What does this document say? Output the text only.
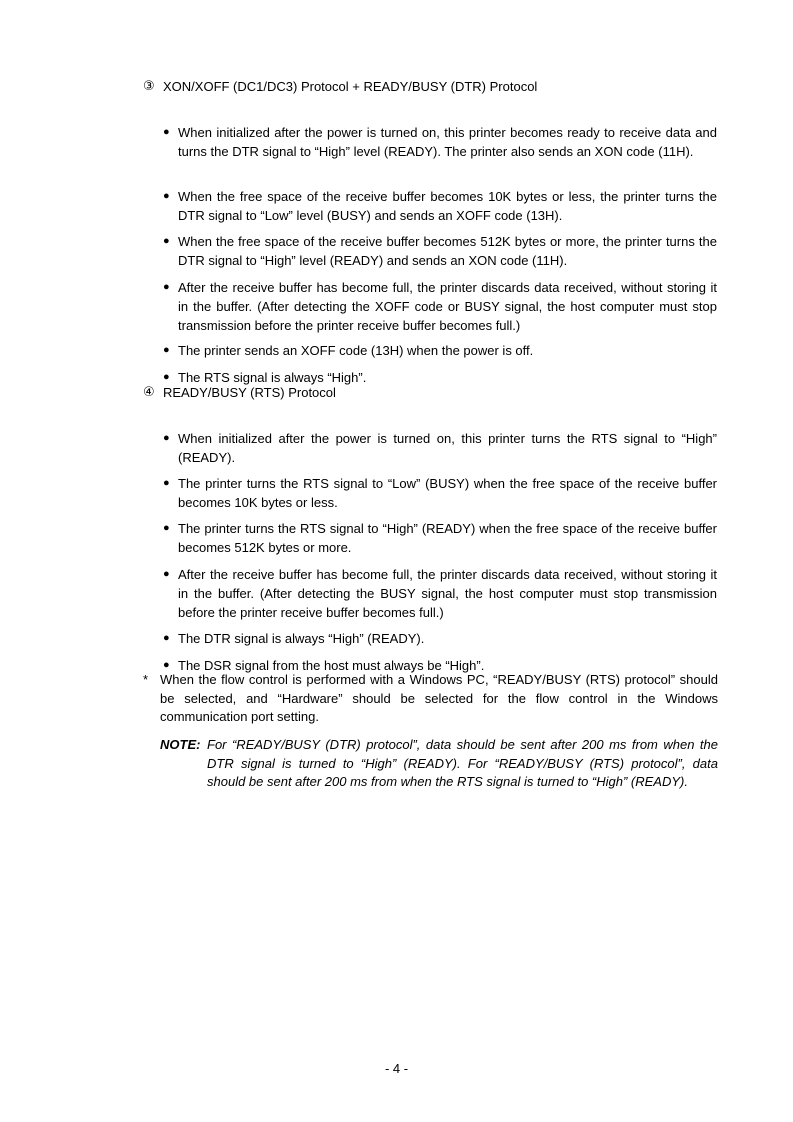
③ XON/XOFF (DC1/DC3) Protocol + READY/BUSY (DTR) Protocol
● When initialized after the power is turned on, this printer becomes ready to receive data and turns the DTR signal to “High” level (READY). The printer also sends an XON code (11H).
● When the free space of the receive buffer becomes 10K bytes or less, the printer turns the DTR signal to “Low” level (BUSY) and sends an XOFF code (13H).
● When the free space of the receive buffer becomes 512K bytes or more, the printer turns the DTR signal to “High” level (READY) and sends an XON code (11H).
● After the receive buffer has become full, the printer discards data received, without storing it in the buffer. (After detecting the XOFF code or BUSY signal, the host computer must stop transmission before the printer receive buffer becomes full.)
● The printer sends an XOFF code (13H) when the power is off.
● The RTS signal is always “High”.
④ READY/BUSY (RTS) Protocol
● When initialized after the power is turned on, this printer turns the RTS signal to “High” (READY).
● The printer turns the RTS signal to “Low” (BUSY) when the free space of the receive buffer becomes 10K bytes or less.
● The printer turns the RTS signal to “High” (READY) when the free space of the receive buffer becomes 512K bytes or more.
● After the receive buffer has become full, the printer discards data received, without storing it in the buffer. (After detecting the BUSY signal, the host computer must stop transmission before the printer receive buffer becomes full.)
● The DTR signal is always “High” (READY).
● The DSR signal from the host must always be “High”.
* When the flow control is performed with a Windows PC, “READY/BUSY (RTS) protocol” should be selected, and “Hardware” should be selected for the flow control in the Windows communication port setting.
NOTE: For “READY/BUSY (DTR) protocol”, data should be sent after 200 ms from when the DTR signal is turned to “High” (READY). For “READY/BUSY (RTS) protocol”, data should be sent after 200 ms from when the RTS signal is turned to “High” (READY).
- 4 -
